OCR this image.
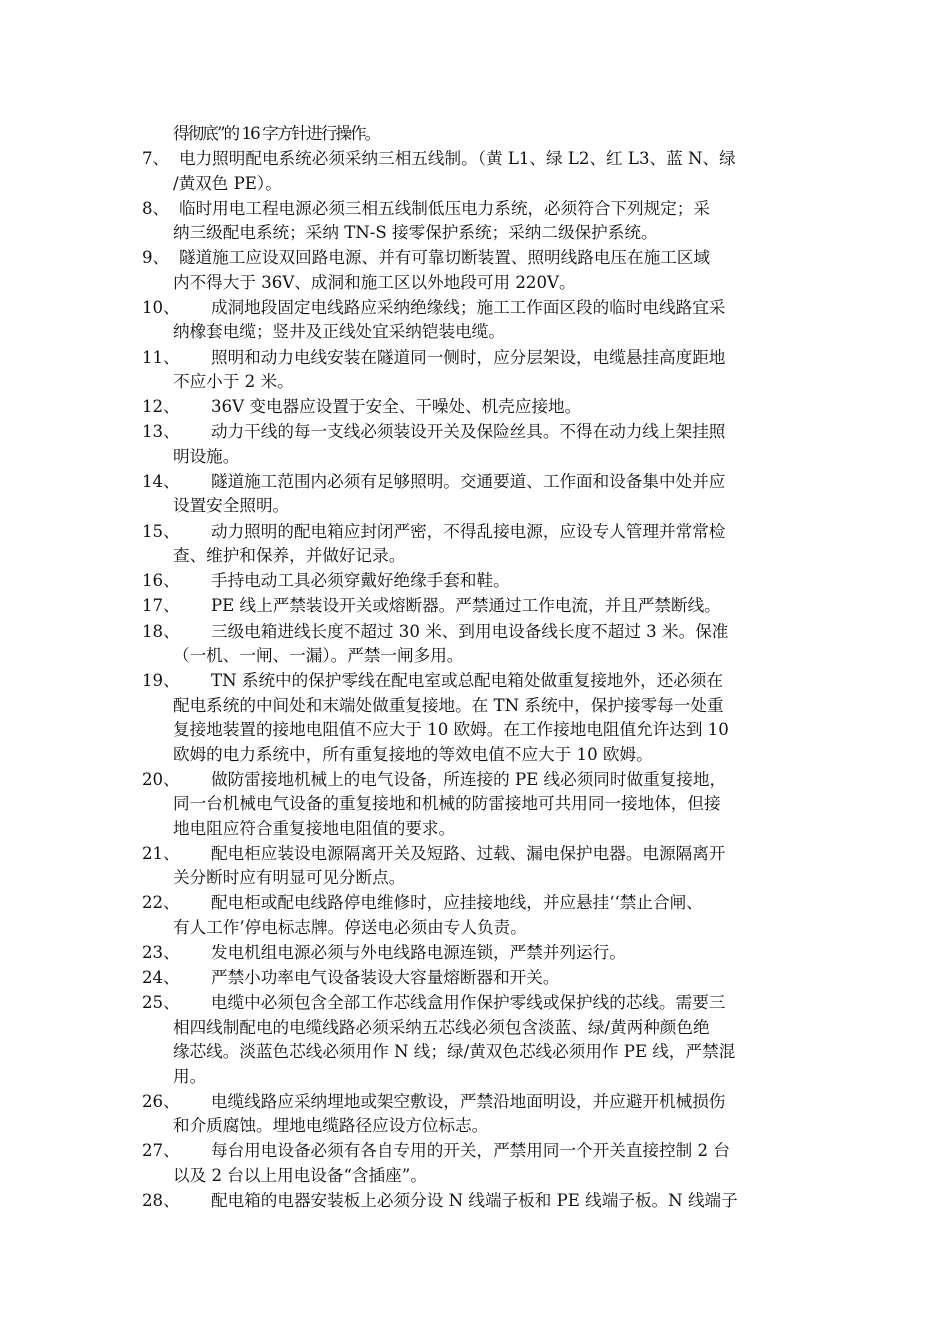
得彻底”的 16 字方针进行操作。
7、 电力照明配电系统必须采纳三相五线制。（黄 L1、绿 L2、红 L3、蓝 N、绿
/黄双色 PE）。
8、 临时用电工程电源必须三相五线制低压电力系统，必须符合下列规定；采
纳三级配电系统；采纳 TN-S 接零保护系统；采纳二级保护系统。
9、 隧道施工应设双回路电源、并有可靠切断装置、照明线路电压在施工区域
内不得大于 36V、成洞和施工区以外地段可用 220V。
10、	成洞地段固定电线路应采纳绝缘线；施工工作面区段的临时电线路宜采
纳橡套电缆；竖井及正线处宜采纳铠装电缆。
11、	照明和动力电线安装在隧道同一侧时，应分层架设，电缆悬挂高度距地
不应小于 2 米。
12、	36V 变电器应设置于安全、干噪处、机壳应接地。
13、	动力干线的每一支线必须装设开关及保险丝具。不得在动力线上架挂照
明设施。
14、	隧道施工范围内必须有足够照明。交通要道、工作面和设备集中处并应
设置安全照明。
15、	动力照明的配电箱应封闭严密，不得乱接电源，应设专人管理并常常检
查、维护和保养，并做好记录。
16、	手持电动工具必须穿戴好绝缘手套和鞋。
17、	PE 线上严禁装设开关或熔断器。严禁通过工作电流，并且严禁断线。
18、	三级电箱进线长度不超过 30 米、到用电设备线长度不超过 3 米。保准
（一机、一闸、一漏）。严禁一闸多用。
19、	TN 系统中的保护零线在配电室或总配电箱处做重复接地外，还必须在
配电系统的中间处和末端处做重复接地。在 TN 系统中，保护接零每一处重
复接地装置的接地电阻值不应大于 10 欧姆。在工作接地电阻值允许达到 10
欧姆的电力系统中，所有重复接地的等效电值不应大于 10 欧姆。
20、	做防雷接地机械上的电气设备，所连接的 PE 线必须同时做重复接地，
同一台机械电气设备的重复接地和机械的防雷接地可共用同一接地体，但接
地电阻应符合重复接地电阻值的要求。
21、	配电柜应装设电源隔离开关及短路、过载、漏电保护电器。电源隔离开
关分断时应有明显可见分断点。
22、	配电柜或配电线路停电维修时，应挂接地线，并应悬挂‘‘禁止合闸、
有人工作’停电标志牌。停送电必须由专人负责。
23、	发电机组电源必须与外电线路电源连锁，严禁并列运行。
24、	严禁小功率电气设备装设大容量熔断器和开关。
25、	电缆中必须包含全部工作芯线盒用作保护零线或保护线的芯线。需要三
相四线制配电的电缆线路必须采纳五芯线必须包含淡蓝、绿/黄两种颜色绝
缘芯线。淡蓝色芯线必须用作 N 线；绿/黄双色芯线必须用作 PE 线，严禁混
用。
26、	电缆线路应采纳埋地或架空敷设，严禁沿地面明设，并应避开机械损伤
和介质腐蚀。埋地电缆路径应设方位标志。
27、	每台用电设备必须有各自专用的开关，严禁用同一个开关直接控制 2 台
以及 2 台以上用电设备“含插座”。
28、	配电箱的电器安装板上必须分设 N 线端子板和 PE 线端子板。N 线端子
